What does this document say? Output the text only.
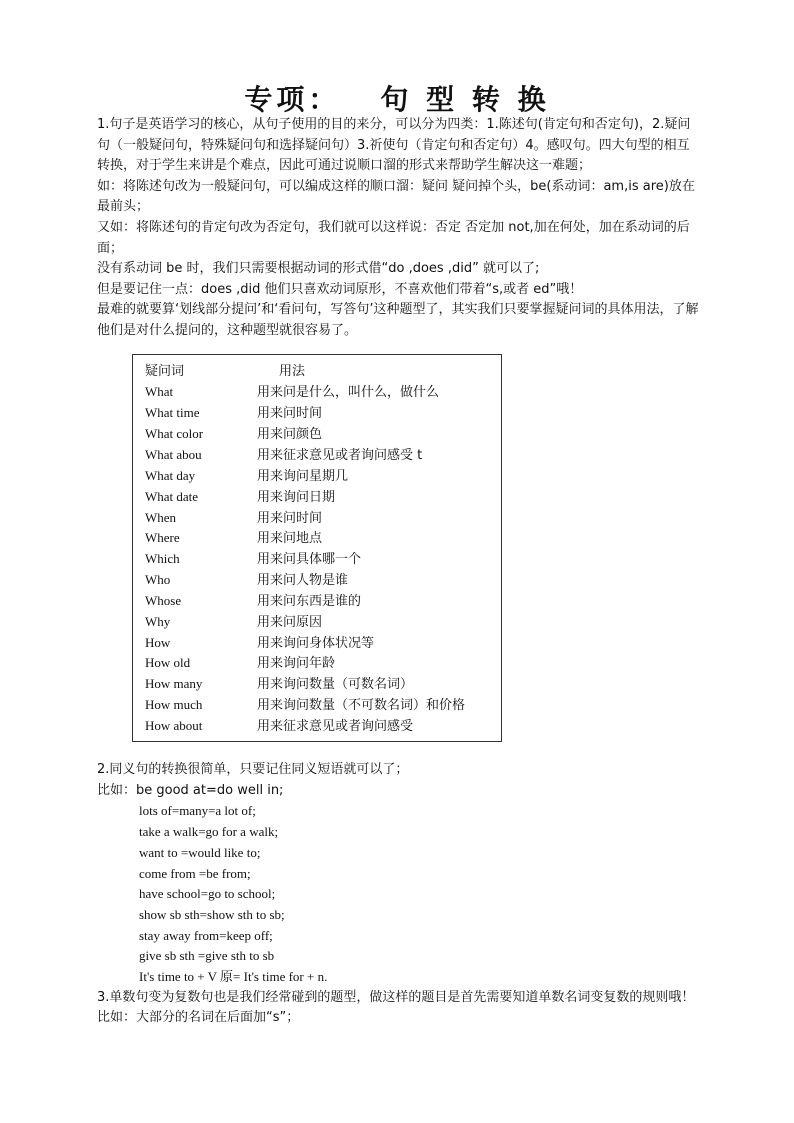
专项： 句 型 转 换

1.句子是英语学习的核心，从句子使用的目的来分，可以分为四类：1.陈述句(肯定句和否定句)，2.疑问句（一般疑问句，特殊疑问句和选择疑问句）3.祈使句（肯定句和否定句）4。感叹句。四大句型的相互转换，对于学生来讲是个难点，因此可通过说顺口溜的形式来帮助学生解决这一难题；

如：将陈述句改为一般疑问句，可以编成这样的顺口溜：疑问 疑问掉个头，be(系动词：am,is are)放在最前头；

又如：将陈述句的肯定句改为否定句，我们就可以这样说：否定 否定加 not,加在何处，加在系动词的后面；

没有系动词 be 时，我们只需要根据动词的形式借“do ,does ,did” 就可以了;

但是要记住一点：does ,did 他们只喜欢动词原形，不喜欢他们带着“s,或者 ed”哦！

最难的就要算‘划线部分提问’和‘看问句，写答句’这种题型了，其实我们只要掌握疑问词的具体用法，了解他们是对什么提问的，这种题型就很容易了。

疑问词	用法
What	用来问是什么，叫什么，做什么
What time	用来问时间
What color	用来问颜色
What abou	用来征求意见或者询问感受 t
What day	用来询问星期几
What date	用来询问日期
When	用来问时间
Where	用来问地点
Which	用来问具体哪一个
Who	用来问人物是谁
Whose	用来问东西是谁的
Why	用来问原因
How	用来询问身体状况等
How old	用来询问年龄
How many	用来询问数量（可数名词）
How much	用来询问数量（不可数名词）和价格
How about	用来征求意见或者询问感受

2.同义句的转换很简单，只要记住同义短语就可以了；

比如：be good at=do well in;

lots of=many=a lot of;

take a walk=go for a walk;

want to =would like to;

come from =be from;

have school=go to school;

show sb sth=show sth to sb;

stay away from=keep off;

give sb sth =give sth to sb

It's time to + V 原= It's time for + n.

3.单数句变为复数句也是我们经常碰到的题型，做这样的题目是首先需要知道单数名词变复数的规则哦！

比如：大部分的名词在后面加“s”；
